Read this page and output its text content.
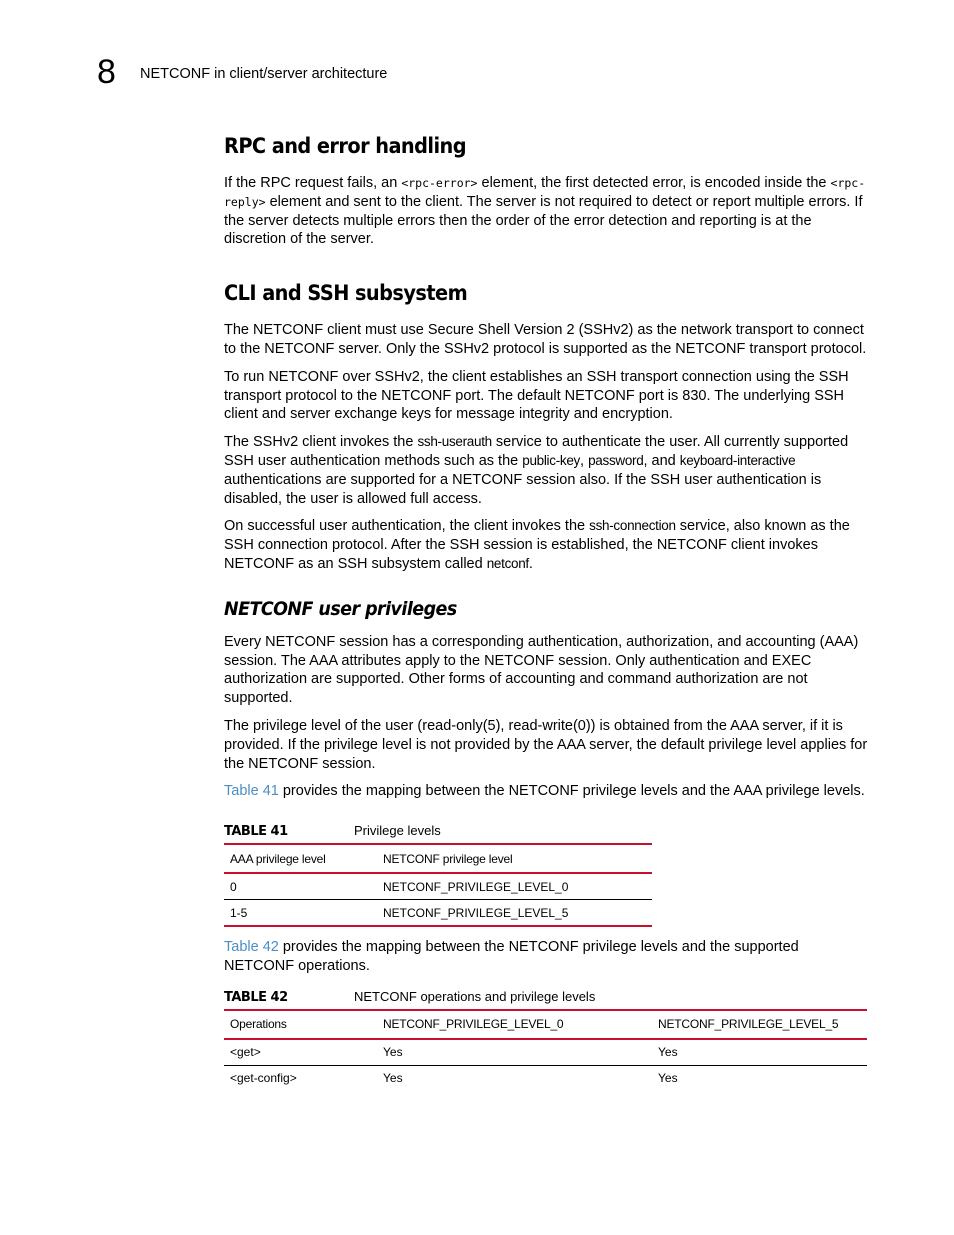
8 NETCONF in client/server architecture
RPC and error handling

If the RPC request fails, an <rpc-error> element, the first detected error, is encoded inside the <rpc-reply> element and sent to the client. The server is not required to detect or report multiple errors. If the server detects multiple errors then the order of the error detection and reporting is at the discretion of the server.

CLI and SSH subsystem

The NETCONF client must use Secure Shell Version 2 (SSHv2) as the network transport to connect to the NETCONF server. Only the SSHv2 protocol is supported as the NETCONF transport protocol.

To run NETCONF over SSHv2, the client establishes an SSH transport connection using the SSH transport protocol to the NETCONF port. The default NETCONF port is 830. The underlying SSH client and server exchange keys for message integrity and encryption.

The SSHv2 client invokes the ssh-userauth service to authenticate the user. All currently supported SSH user authentication methods such as the public-key, password, and keyboard-interactive authentications are supported for a NETCONF session also. If the SSH user authentication is disabled, the user is allowed full access.

On successful user authentication, the client invokes the ssh-connection service, also known as the SSH connection protocol. After the SSH session is established, the NETCONF client invokes NETCONF as an SSH subsystem called netconf.

NETCONF user privileges

Every NETCONF session has a corresponding authentication, authorization, and accounting (AAA) session. The AAA attributes apply to the NETCONF session. Only authentication and EXEC authorization are supported. Other forms of accounting and command authorization are not supported.

The privilege level of the user (read-only(5), read-write(0)) is obtained from the AAA server, if it is provided. If the privilege level is not provided by the AAA server, the default privilege level applies for the NETCONF session.

Table 41 provides the mapping between the NETCONF privilege levels and the AAA privilege levels.

TABLE 41	Privilege levels
AAA privilege level	NETCONF privilege level
0	NETCONF_PRIVILEGE_LEVEL_0
1-5	NETCONF_PRIVILEGE_LEVEL_5

Table 42 provides the mapping between the NETCONF privilege levels and the supported NETCONF operations.

TABLE 42	NETCONF operations and privilege levels
Operations	NETCONF_PRIVILEGE_LEVEL_0	NETCONF_PRIVILEGE_LEVEL_5
<get>	Yes	Yes
<get-config>	Yes	Yes
